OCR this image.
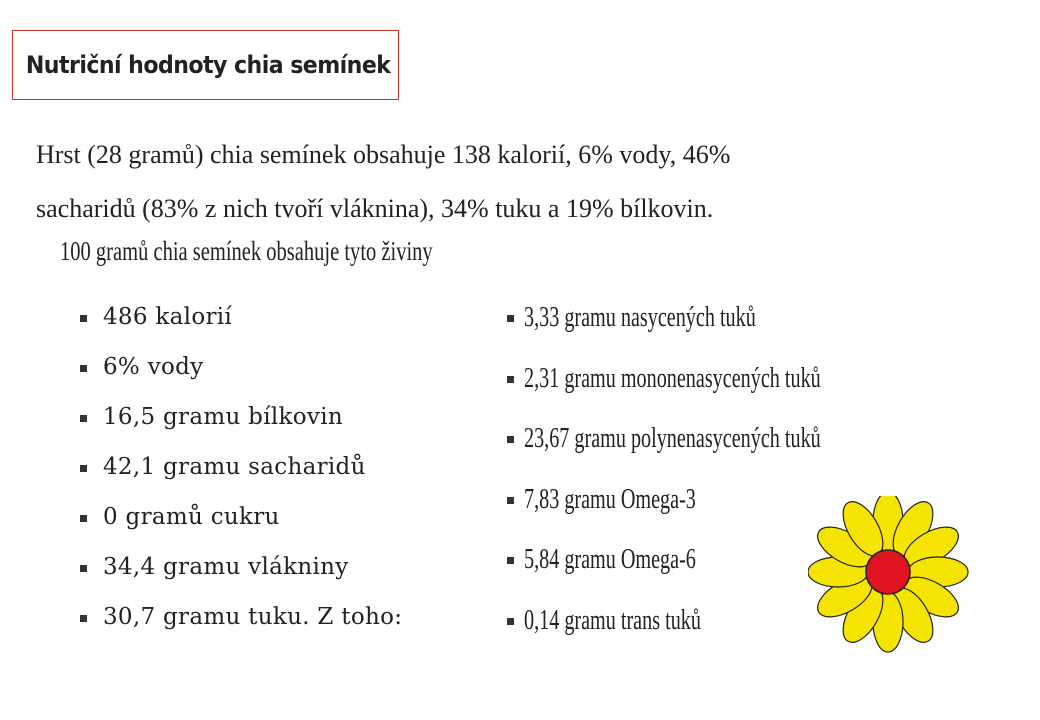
Nutriční hodnoty chia semínek
Hrst (28 gramů) chia semínek obsahuje 138 kalorií, 6% vody, 46%
sacharidů (83% z nich tvoří vláknina), 34% tuku a 19% bílkovin.
100 gramů chia semínek obsahuje tyto živiny
486 kalorií
6% vody
16,5 gramu bílkovin
42,1 gramu sacharidů
0 gramů cukru
34,4 gramu vlákniny
30,7 gramu tuku. Z toho:
3,33 gramu nasycených tuků
2,31 gramu mononenasycených tuků
23,67 gramu polynenasycených tuků
7,83 gramu Omega-3
5,84 gramu Omega-6
0,14 gramu trans tuků
